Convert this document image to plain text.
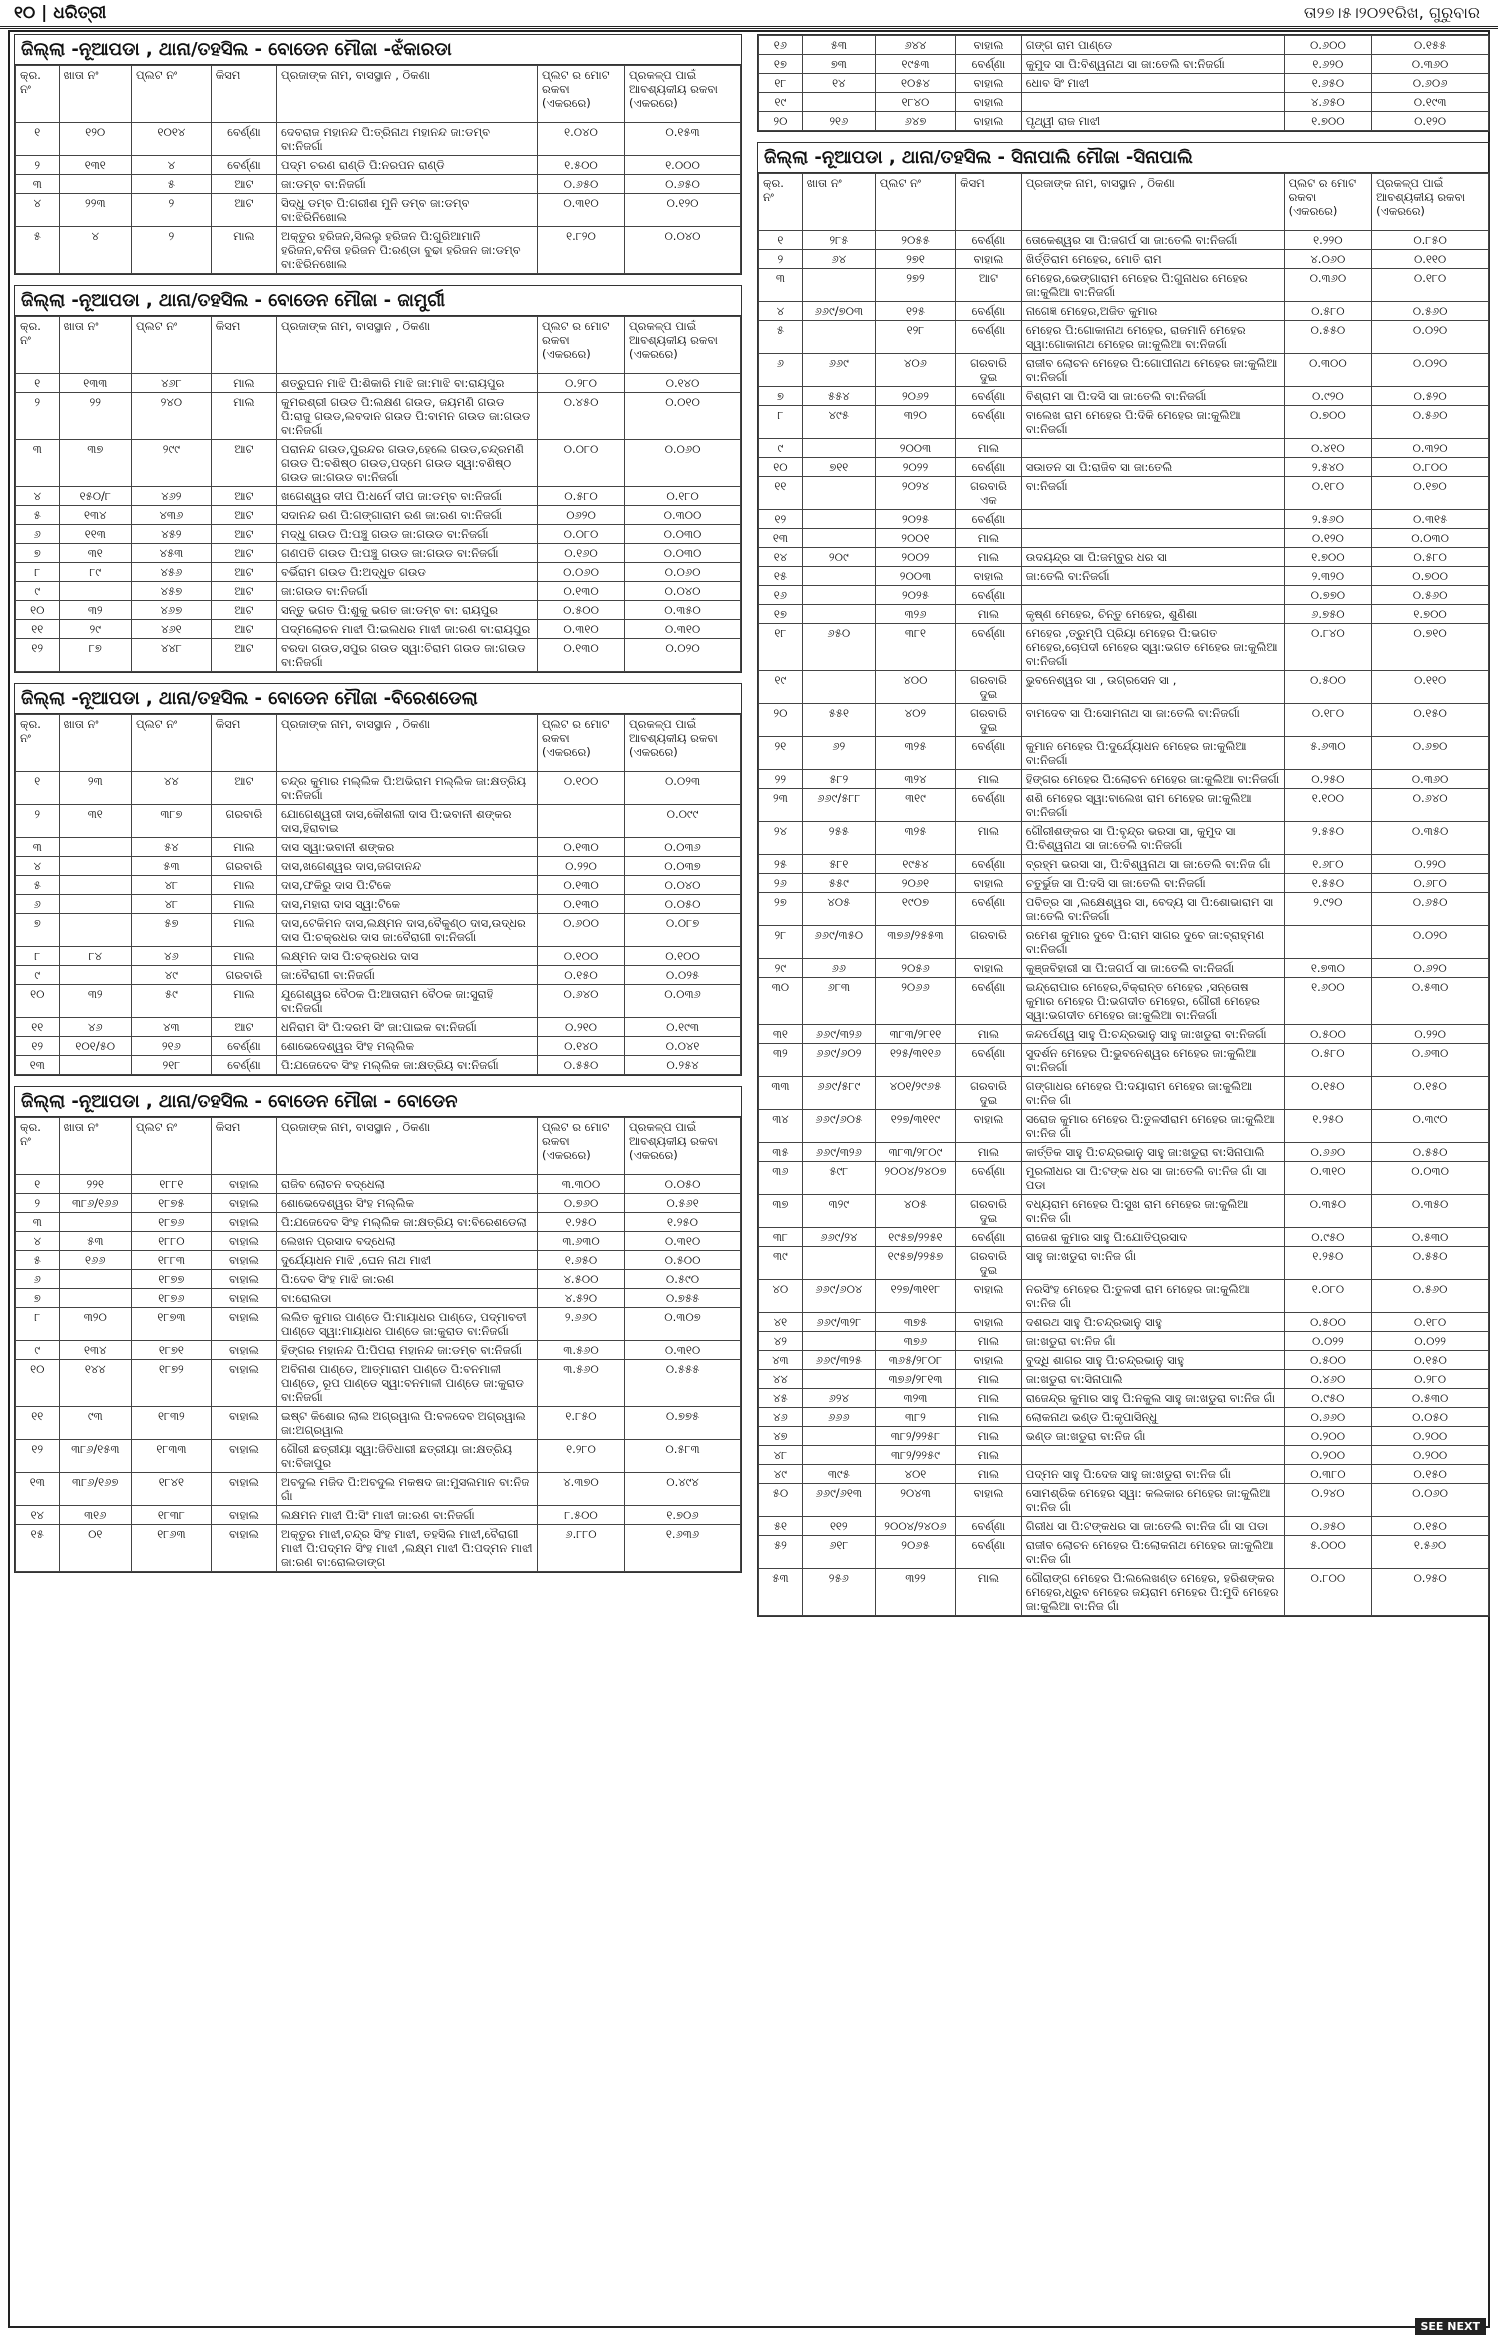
୧୦ | ଧରିତ୍ରୀ	ତା୨୭।୫।୨୦୨୧ରିଖ, ଗୁରୁବାର
ଜିଲ୍ଲା -ନୂଆପଡା , ଥାନା/ତହସିଲ - ବୋଡେନ ମୌଜା -ଝଁକାରଡା
କ୍ର. ନଂ	ଖାତା ନଂ	ପ୍ଲଟ ନଂ	କିସମ	ପ୍ରଜାଙ୍କ ନାମ, ବାସସ୍ଥାନ , ଠିକଣା	ପ୍ଲଟ ର ମୋଟ ରକବା (ଏକରରେ)	ପ୍ରକଳ୍ପ ପାଇଁ ଆବଶ୍ୟକୀୟ ରକବା (ଏକରରେ)
୧	୧୨୦	୧୦୧୪	ବେର୍ଣ୍ଣା	ଦେବରାଜ ମହାନନ୍ଦ ପି:ତ୍ରିନାଥ ମହାନନ୍ଦ ଜା:ଡମ୍ବ ବା:ନିଜର୍ଗା	୧.୦୪୦	୦.୧୫୩
୨	୧୩୧	୪	ବେର୍ଣ୍ଣା	ପଦ୍ମ ଚରଣ ରାଣ୍ଡି ପି:ନରପନ ରାଣ୍ଡି	୧.୫୦୦	୧.୦୦୦
୩		୫	ଆଟ	ଜା:ଡମ୍ବ ବା:ନିଜର୍ଗା	୦.୬୫୦	୦.୬୫୦
୪	୨୨୩	୨	ଆଟ	ସିଦ୍ଧୁ ଡମ୍ବ ପି:ଗରୀଶ ମୁନି ଡମ୍ବ ଜା:ଡମ୍ବ ବା:ଝିରିନିଖୋଲ	୦.୩୧୦	୦.୧୨୦
୫	୪	୨	ମାଲ	ଅକ୍ତୁର ହରିଜନ,ସିଲଲୁ ହରିଜନ ପି:ଗୁରିଆମାନି ହରିଜନ,ବନିତା ହରିଜନ ପି:ରଣ୍ଡା ବୁଢା ହରିଜନ ଜା:ଡମ୍ବ ବା:ଝିରିନଖୋଲ	୧.୮୨୦	୦.୦୪୦
ଜିଲ୍ଲା -ନୂଆପଡା , ଥାନା/ତହସିଲ - ବୋଡେନ ମୌଜା - ଜାମୁର୍ଗୀ
କ୍ର. ନଂ	ଖାତା ନଂ	ପ୍ଲଟ ନଂ	କିସମ	ପ୍ରଜାଙ୍କ ନାମ, ବାସସ୍ଥାନ , ଠିକଣା	ପ୍ଲଟ ର ମୋଟ ରକବା (ଏକରରେ)	ପ୍ରକଳ୍ପ ପାଇଁ ଆବଶ୍ୟକୀୟ ରକବା (ଏକରରେ)
୧	୧୩୩	୪୬୮	ମାଲ	ଶତ୍ରୁଘନ ମାଝି ପି:ଶିକାରି ମାଝି ଜା:ମାଝି ବା:ରାୟପୁର	୦.୨୮୦	୦.୧୪୦
୨	୨୨	୨୪୦	ମାଲ	କୁମରଶ୍ରୀ ଗଉଡ ପି:ଲକ୍ଷଣ ଗଉଡ, ଜୟମଣି ଗଉଡ ପି:ରାଜୁ ଗଉଡ,ଲବଦାନ ଗଉଡ ପି:ବାମନ ଗଉଡ ଜା:ଗଉଡ ବା:ନିଜର୍ଗା	୦.୪୫୦	୦.୦୧୦
୩	୩୭	୨୯୯	ଆଟ	ପରାନନ୍ଦ ଗଉଡ,ପୁରନ୍ଦର ଗଉଡ,ହେଲେ ଗଉଡ,ଚନ୍ଦ୍ରମଣି ଗଉଡ ପି:ବଶିଷ୍ଠ ଗଉଡ,ପଦ୍ମେ ଗଉଡ ସ୍ୱା:ବଶିଷ୍ଠ ଗଉଡ ଜା:ଗଉଡ ବା:ନିଜର୍ଗା	୦.୦୮୦	୦.୦୬୦
୪	୧୫୦/୮	୪୬୨	ଆଟ	ଖଗେଶ୍ୱର ଦୀପ ପି:ଧର୍ମେ ଦୀପ ଜା:ଡମ୍ବ ବା:ନିଜର୍ଗା	୦.୫୮୦	୦.୧୮୦
୫	୧୩୪	୪୩୬	ଆଟ	ସଦାନନ୍ଦ ରଣ ପି:ଗଙ୍ଗାରାମ ରଣ ଜା:ରଣ ବା:ନିଜର୍ଗା	୦୬୨୦	୦.୩୦୦
୬	୧୧୩	୪୫୨	ଆଟ	ମଦ୍ଧୁ ଗଉଡ ପି:ପଞ୍ଚୁ ଗଉଡ ଜା:ଗଉଡ ବା:ନିଜର୍ଗା	୦.୦୮୦	୦.୦୩୦
୭	୩୧	୪୫୩	ଆଟ	ଗଣପତି ଗଉଡ ପି:ପଞ୍ଚୁ ଗଉଡ ଜା:ଗଉଡ ବା:ନିଜର୍ଗା	୦.୧୬୦	୦.୦୩୦
୮	୮୯	୪୫୬	ଆଟ	ବର୍ଭିରାମ ଗଉଡ ପି:ଅଦ୍ଧୁତ ଗଉଡ	୦.୦୬୦	୦.୦୬୦
୯		୪୫୭	ଆଟ	ଜା:ଗଉଡ ବା:ନିଜର୍ଗା	୦.୧୩୦	୦.୦୪୦
୧୦	୩୨	୪୬୭	ଆଟ	ସନ୍ତୁ ଭଗତ ପି:ଶୁକୁ ଭଗତ ଜା:ଡମ୍ବ ବା: ରାୟପୁର	୦.୫୦୦	୦.୩୫୦
୧୧	୨୯	୪୬୧	ଆଟ	ପଦ୍ମଲୋଚନ ମାଝୀ ପି:ଇଲଧର ମାଝୀ ଜା:ରଣ ବା:ରାୟପୁର	୦.୩୧୦	୦.୩୧୦
୧୨	୮୭	୪୪୮	ଆଟ	ବରଦା ଗଉଡ,ସପୁର ଗଉଡ ସ୍ୱା:ଚିରାମ ଗଉଡ ଜା:ଗଉଡ ବା:ନିଜର୍ଗା	୦.୧୩୦	୦.୦୨୦
ଜିଲ୍ଲା -ନୂଆପଡା , ଥାନା/ତହସିଲ - ବୋଡେନ ମୌଜା -ବିରେଶଡେଲା
କ୍ର. ନଂ	ଖାତା ନଂ	ପ୍ଲଟ ନଂ	କିସମ	ପ୍ରଜାଙ୍କ ନାମ, ବାସସ୍ଥାନ , ଠିକଣା	ପ୍ଲଟ ର ମୋଟ ରକବା (ଏକରରେ)	ପ୍ରକଳ୍ପ ପାଇଁ ଆବଶ୍ୟକୀୟ ରକବା (ଏକରରେ)
୧	୨୩	୪୪	ଆଟ	ଚନ୍ଦ୍ର କୁମାର ମଲ୍ଲିକ ପି:ଅଭିରାମ ମଲ୍ଲିକ ଜା:କ୍ଷତ୍ରିୟ ବା:ନିଜର୍ଗା	୦.୧୦୦	୦.୦୨୩
୨	୩୧	୩୮୭	ଗରବାରି	ଯୋଗେଶ୍ୱରୀ ଦାସ,କୌଶଲୀ ଦାସ ପି:ଭବାନୀ ଶଙ୍କର ଦାସ,ହିରାବାଇ		୦.୦୯୯
୩		୫୪	ମାଲ	ଦାସ ସ୍ୱା:ଭବାନୀ ଶଙ୍କର	୦.୧୩୦	୦.୦୩୬
୪		୫୩	ଗରବାରି	ଦାସ,ଖଗେଶ୍ୱର ଦାସ,ଜଗଦାନନ୍ଦ	୦.୨୨୦	୦.୦୩୭
୫		୪୮	ମାଲ	ଦାସ,ଫକିରୁ ଦାସ ପି:ଟିକେ	୦.୧୩୦	୦.୦୪୦
୬		୪୮	ମାଲ	ଦାସ,ମହାରା ଦାସ ସ୍ୱା:ଟିକେ	୦.୧୩୦	୦.୦୫୦
୭		୫୭	ମାଲ	ଦାସ,ଟେକିମନ ଦାସ,ଲକ୍ଷ୍ମନ ଦାସ,ବୈକୁଣ୍ଠ ଦାସ,ଉଦ୍ଧର ଦାସ ପି:ଚକ୍ରଧର ଦାସ ଜା:ବୈରାଗୀ ବା:ନିଜର୍ଗା	୦.୬୦୦	୦.୦୮୭
୮	୮୪	୪୬	ମାଲ	ଲକ୍ଷ୍ମନ ଦାସ ପି:ଚକ୍ରଧର ଦାସ	୦.୧୦୦	୦.୧୦୦
୯		୪୯	ଗରବାରି	ଜା:ବୈରାଗୀ ବା:ନିଜର୍ଗା	୦.୧୫୦	୦.୦୨୫
୧୦	୩୨	୫୯	ମାଲ	ଯୁଗେଶ୍ୱର ବୈଠକ ପି:ଆତାରାମ ବୈଠକ ଜା:ସୁରାହି ବା:ନିଜର୍ଗା	୦.୬୪୦	୦.୦୩୬
୧୧	୪୬	୪୩	ଆଟ	ଧନିରାମ ସିଂ ପି:ଦରମ ସିଂ ଜା:ପାଇକ ବା:ନିଜର୍ଗା	୦.୨୧୦	୦.୧୯୩
୧୨	୧୦୧/୫୦	୨୧୬	ବେର୍ଣ୍ଣା	ଶୋଭେଦେଶ୍ୱର ସିଂହ ମଲ୍ଲିକ	୦.୧୪୦	୦.୦୪୧
୧୩		୨୧୮	ବେର୍ଣ୍ଣା	ପି:ଯଜେଦେବ ସିଂହ ମଲ୍ଲିକ ଜା:କ୍ଷତ୍ରିୟ ବା:ନିଜର୍ଗା	୦.୫୫୦	୦.୨୫୪
ଜିଲ୍ଲା -ନୂଆପଡା , ଥାନା/ତହସିଲ - ବୋଡେନ ମୌଜା - ବୋଡେନ
କ୍ର. ନଂ	ଖାତା ନଂ	ପ୍ଲଟ ନଂ	କିସମ	ପ୍ରଜାଙ୍କ ନାମ, ବାସସ୍ଥାନ , ଠିକଣା	ପ୍ଲଟ ର ମୋଟ ରକବା (ଏକରରେ)	ପ୍ରକଳ୍ପ ପାଇଁ ଆବଶ୍ୟକୀୟ ରକବା (ଏକରରେ)
୧	୨୨୧	୧୮୮୧	ବାହାଲ	ରାଜିବ ଲୋଚନ ବଦ୍ଧେଲା	୩.୩୦୦	୦.୦୫୦
୨	୩୮୬/୧୬୬	୧୮୭୫	ବାହାଲ	ଶୋଭେଦେଶ୍ୱର ସିଂହ ମଲ୍ଲିକ	୦.୭୬୦	୦.୫୬୧
୩		୧୮୭୬	ବାହାଲ	ପି:ଯଜେଦେବ ସିଂହ ମଲ୍ଲିକ ଜା:କ୍ଷତ୍ରିୟ ବା:ବିରେଶଡେଲା	୧.୨୫୦	୧.୨୫୦
୪	୫୩	୧୮୮୦	ବାହାଲ	ଲେଖନ ପ୍ରସାଦ ବଦ୍ଧେଲା	୩.୬୩୦	୦.୩୧୦
୫	୧୬୬	୧୮୮୩	ବାହାଲ	ଦୁର୍ଯ୍ୟୋଧନ ମାଝି ,ଘେନ ନାଥ ମାଝୀ	୧.୬୫୦	୦.୫୦୦
୬		୧୮୭୭	ବାହାଲ	ପି:ଦେବ ସିଂହ ମାଝି ଜା:ରଣ	୪.୫୦୦	୦.୫୯୦
୭		୧୮୭୬	ବାହାଲ	ବା:ରୋଲଡା	୪.୫୨୦	୦.୭୫୫
୮	୩୨୦	୧୮୭୩	ବାହାଲ	ଲଲିତ କୁମାର ପାଣ୍ଡେ ପି:ମାୟାଧର ପାଣ୍ଡେ, ପଦ୍ମାବତୀ ପାଣ୍ଡେ ସ୍ୱା:ମାୟାଧର ପାଣ୍ଡେ ଜା:କୁରାଡ ବା:ନିଜର୍ଗା	୨.୬୬୦	୦.୩୦୭
୯	୧୩୪	୧୮୭୧	ବାହାଲ	ହିଙ୍ଗର ମହାନନ୍ଦ ପି:ପିପରା ମହାନନ୍ଦ ଜା:ଡମ୍ବ ବା:ନିଜର୍ଗା	୩.୫୬୦	୦.୩୧୦
୧୦	୧୪୪	୧୮୭୨	ବାହାଲ	ଅବିନାଶ ପାଣ୍ଡେ, ଆତ୍ମାରାମ ପାଣ୍ଡେ ପି:ବନମାଳୀ ପାଣ୍ଡେ, ରୂପ ପାଣ୍ଡେ ସ୍ୱା:ବନମାଳୀ ପାଣ୍ଡେ ଜା:କୁରାଡ ବା:ନିଜର୍ଗା	୩.୫୬୦	୦.୫୫୫
୧୧	୯୩	୧୮୩୨	ବାହାଲ	ଇଷ୍ଟ କିଶୋର ଲାଲ ଅଗ୍ରୱାଲ ପି:ବଳଦେବ ଅଗ୍ରୱାଲ ଜା:ଅଗ୍ରୱାଲ	୧.୮୫୦	୦.୭୭୫
୧୨	୩୮୬/୧୫୩	୧୮୩୩	ବାହାଲ	ଗୌରୀ ଛତ୍ରୀୟା ସ୍ୱା:ଜିତିଧାରୀ ଛତ୍ରୀୟା ଜା:କ୍ଷତ୍ରିୟ ବା:ବିଜାପୁର	୧.୨୮୦	୦.୫୮୩
୧୩	୩୮୬/୧୬୭	୧୮୪୧	ବାହାଲ	ଅବଦୁଲ ମଜିଦ ପି:ଅବଦୁଲ ମକଷଦ ଜା:ମୁସଲମାନ ବା:ନିଜ ଗାଁ	୪.୩୭୦	୦.୪୯୪
୧୪	୩୧୬	୧୮୩୮	ବାହାଲ	ଲକ୍ଷମନ ମାଝୀ ପି:ସିଂ ମାଝୀ ଜା:ରଣ ବା:ନିଜର୍ଗା	୮.୫୦୦	୧.୭୦୬
୧୫	୦୧	୧୮୬୩	ବାହାଲ	ଅକ୍ତୁର ମାଝୀ,ଚନ୍ଦ୍ର ସିଂହ ମାଝୀ, ତହସିଲ ମାଝୀ,ବୈରାଗୀ ମାଝୀ ପି:ପଦ୍ମନ ସିଂହ ମାଝୀ ,ଲକ୍ଷ୍ମ ମାଝୀ ପି:ପଦ୍ମନ ମାଝୀ ଜା:ରଣ ବା:ରୋଲଡାଙ୍ଗ	୬.୮୮୦	୧.୬୩୬
୧୬	୫୩	୬୪୪	ବାହାଲ	ଗଙ୍ଗ ରାମ ପାଣ୍ଡେ	୦.୬୦୦	୦.୧୫୫
୧୭	୭୩	୧୯୫୩	ବେର୍ଣ୍ଣା	କୁମୁଦ ସା ପି:ବିଶ୍ୱନାଥ ସା ଜା:ତେଲି ବା:ନିଜର୍ଗା	୧.୬୨୦	୦.୩୬୦
୧୮	୧୪	୧୦୫୪	ବାହାଲ	ଧୋବ ସିଂ ମାଝୀ	୧.୬୫୦	୦.୬୦୬
୧୯		୧୮୪୦	ବାହାଲ		୪.୬୫୦	୦.୧୯୩
୨୦	୨୧୬	୬୪୭	ବାହାଲ	ପୃଥ୍ୱୀ ରାଜ ମାଝୀ	୧.୭୦୦	୦.୧୨୦
ଜିଲ୍ଲା -ନୂଆପଡା , ଥାନା/ତହସିଲ - ସିନାପାଲି ମୌଜା -ସିନାପାଲି
କ୍ର. ନଂ	ଖାତା ନଂ	ପ୍ଲଟ ନଂ	କିସମ	ପ୍ରଜାଙ୍କ ନାମ, ବାସସ୍ଥାନ , ଠିକଣା	ପ୍ଲଟ ର ମୋଟ ରକବା (ଏକରରେ)	ପ୍ରକଳ୍ପ ପାଇଁ ଆବଶ୍ୟକୀୟ ରକବା (ଏକରରେ)
୧	୨୮୫	୨୦୫୫	ବେର୍ଣ୍ଣା	ତୋକେଶ୍ୱର ସା ପି:ଜଗର୍ପ ସା ଜା:ତେଲି ବା:ନିଜର୍ଗା	୧.୨୨୦	୦.୮୫୦
୨	୬୪	୨୭୧	ବାହାଲ	ଖିର୍ତ୍ତିରାମ ମେହେର, ମୋତି ରାମ	୪.୦୬୦	୦.୧୧୦
୩		୨୭୨	ଆଟ	ମେହେର,ଭେଙ୍ଗାରାମ ମେହେର ପି:ଗୁନାଧର ମେହେର ଜା:କୁଲିଆ ବା:ନିଜର୍ଗା	୦.୩୬୦	୦.୧୮୦
୪	୬୬୯/୭୦୩	୧୨୫	ବେର୍ଣ୍ଣା	ନାଗେଜ୍ଞ ମେହେର,ଅଜିତ କୁମାର	୦.୫୮୦	୦.୫୬୦
୫		୧୨୮	ବେର୍ଣ୍ଣା	ମେହେର ପି:ଗୋକାନାଥ ମେହେର, ରାଜମାନି ମେହେର ସ୍ୱା:ଗୋକାନାଥ ମେହେର ଜା:କୁଲିଆ ବା:ନିଜର୍ଗା	୦.୫୫୦	୦.୦୨୦
୬	୬୬୯	୪୦୬	ଗରବାରି ଦୁଇ	ରାଜୀବ ଲୋଚନ ମେହେର ପି:ଗୋପୀନାଥ ମେହେର ଜା:କୁଲିଆ ବା:ନିଜର୍ଗା	୦.୩୦୦	୦.୦୨୦
୭	୫୫୪	୨୦୬୨	ବେର୍ଣ୍ଣା	ବିଶ୍ରାମ ସା ପି:ଦସି ସା ଜା:ତେଲି ବା:ନିଜର୍ଗା	୦.୯୨୦	୦.୫୨୦
୮	୪୯୫	୩୨୦	ବେର୍ଣ୍ଣା	ବାଲେଖ ରାମ ମେହେର ପି:ଦିକି ମେହେର ଜା:କୁଲିଆ ବା:ନିଜର୍ଗା	୦.୭୦୦	୦.୫୬୦
୯		୨୦୦୩	ମାଲ		୦.୪୧୦	୦.୩୨୦
୧୦	୭୧୧	୨୦୨୨	ବେର୍ଣ୍ଣା	ସଉାତନ ସା ପି:ରାଜିବ ସା ଜା:ତେଲି	୨.୫୪୦	୦.୮୦୦
୧୧		୨୦୨୪	ଗରବାରି ଏକ	ବା:ନିଜର୍ଗା	୦.୧୮୦	୦.୧୭୦
୧୨		୨୦୨୫	ବେର୍ଣ୍ଣା		୨.୫୬୦	୦.୩୧୫
୧୩		୨୦୦୧	ମାଲ		୦.୧୨୦	୦.୦୩୦
୧୪	୨୦୯	୨୦୦୨	ମାଲ	ଉଦୟନ୍ଦ୍ର ସା ପି:ଜମ୍ବୁର ଧର ସା	୧.୭୦୦	୦.୫୮୦
୧୫		୨୦୦୩	ବାହାଲ	ଜା:ତେଲି ବା:ନିଜର୍ଗା	୨.୩୨୦	୦.୭୦୦
୧୬		୨୦୨୫	ବେର୍ଣ୍ଣା		୦.୭୭୦	୦.୫୬୦
୧୭		୩୨୬	ମାଲ	କୃଷ୍ଣ ମେହେର, ଚିନ୍ତୁ ମେହେର, ଶୁଣିଶା	୬.୭୫୦	୧.୭୦୦
୧୮	୬୫୦	୩୮୧	ବେର୍ଣ୍ଣା	ମେହେର ,ତ୍ରୁମ୍ପି ପ୍ରିୟା ମେହେର ପି:ଭଗତ ମେହେର,ଚୋପଦୀ ମେହେର ସ୍ୱା:ଭଗତ ମେହେର ଜା:କୁଲିଆ ବା:ନିଜର୍ଗା	୦.୮୪୦	୦.୭୧୦
୧୯		୪୦୦	ଗରବାରି ଦୁଇ	ଭୁବନେଶ୍ୱର ସା , ଉଗ୍ରସେନ ସା ,	୦.୫୦୦	୦.୧୧୦
୨୦	୫୫୧	୪୦୨	ଗରବାରି ଦୁଇ	ବାମଦେବ ସା ପି:ସୋମନାଥ ସା ଜା:ତେଲି ବା:ନିଜର୍ଗା	୦.୧୮୦	୦.୧୫୦
୨୧	୬୨	୩୨୫	ବେର୍ଣ୍ଣା	କୁମାନ ମେହେର ପି:ଦୁର୍ଯ୍ୟୋଧନ ମେହେର ଜା:କୁଲିଆ ବା:ନିଜର୍ଗା	୫.୬୩୦	୦.୬୭୦
୨୨	୫୮୨	୩୨୪	ମାଲ	ହିଙ୍ଗର ମେହେର ପି:ଲୋଚନ ମେହେର ଜା:କୁଲିଆ ବା:ନିଜର୍ଗା	୦.୨୫୦	୦.୩୬୦
୨୩	୬୬୯/୫୮୮	୩୧୯	ବେର୍ଣ୍ଣା	ଶଶି ମେହେର ସ୍ୱା:ବାଲେଖ ରାମ ମେହେର ଜା:କୁଲିଆ ବା:ନିଜର୍ଗା	୧.୧୦୦	୦.୬୪୦
୨୪	୨୫୫	୩୨୫	ମାଲ	ଗୌରୀଶଙ୍କର ସା ପି:ବୃନ୍ଦ୍ର ଭରସା ସା, କୁମୁଦ ସା ପି:ବିଶ୍ୱନାଥ ସା ଜା:ତେଲି ବା:ନିଜର୍ଗା	୨.୫୫୦	୦.୩୫୦
୨୫	୫୮୧	୧୯୫୪	ବେର୍ଣ୍ଣା	ବ୍ରହ୍ମ ଭରସା ସା, ପି:ବିଶ୍ୱନାଥ ସା ଜା:ତେଲି ବା:ନିଜ ଗାଁ	୧.୬୮୦	୦.୨୨୦
୨୬	୫୫୯	୨୦୬୧	ବାହାଲ	ଚତୁର୍ଭୁଜ ସା ପି:ଦସି ସା ଜା:ତେଲି ବା:ନିଜର୍ଗା	୧.୫୫୦	୦.୬୮୦
୨୭	୪୦୫	୧୯୦୭	ବେର୍ଣ୍ଣା	ପବିତ୍ର ସା ,ଲକ୍ଷେଶ୍ୱର ସା, ବେଦ୍ୟ ସା ପି:ଶୋଭାରାମ ସା ଜା:ତେଲି ବା:ନିଜର୍ଗା	୨.୯୨୦	୦.୬୫୦
୨୮	୬୬୯/୩୫୦	୩୭୬/୨୫୫୩	ଗରବାରି	ରମେଶ କୁମାର ଦୁବେ ପି:ରାମ ସାଗର ଦୁବେ ଜା:ବ୍ରାହ୍ମଣ ବା:ନିଜର୍ଗା		୦.୦୨୦
୨୯	୬୬	୨୦୫୬	ବାହାଲ	କୁଞ୍ଜବିହାରୀ ସା ପି:ଜଗର୍ପ ସା ଜା:ତେଲି ବା:ନିଜର୍ଗା	୧.୭୩୦	୦.୬୨୦
୩୦	୬୮୩	୨୦୬୬	ବେର୍ଣ୍ଣା	ଇନ୍ଦ୍ରୋପାର ମେହେର,ବିକ୍ରାନ୍ତ ମେହେର ,ସନ୍ତୋଷ କୁମାର ମେହେର ପି:ଭଗଦୀତ ମେହେର, ଗୌରୀ ମେହେର ସ୍ୱା:ଭଗଦୀତ ମେହେର ଜା:କୁଲିଆ ବା:ନିଜର୍ଗା	୧.୬୦୦	୦.୫୩୦
୩୧	୬୬୯/୩୨୬	୩୮୩/୨୮୧୧	ମାଲ	କନ୍ଦର୍ପେଶ୍ୱ ସାହୁ ପି:ଚନ୍ଦ୍ରଭାନୁ ସାହୁ ଜା:ଖଡୁରା ବା:ନିଜର୍ଗା	୦.୫୦୦	୦.୨୨୦
୩୨	୬୬୯/୬୦୨	୧୨୫/୩୧୧୬	ବେର୍ଣ୍ଣା	ସୁଦର୍ଶନ ମେହେର ପି:ଭୁବନେଶ୍ୱର ମେହେର ଜା:କୁଲିଆ ବା:ନିଜର୍ଗା	୦.୫୮୦	୦.୬୩୦
୩୩	୬୬୯/୫୮୯	୪୦୧/୨୯୬୫	ଗରବାରି ଦୁଇ	ଗଙ୍ଗାଧର ମେହେର ପି:ଦୟାରାମ ମେହେର ଜା:କୁଲିଆ ବା:ନିଜ ଗାଁ	୦.୧୫୦	୦.୧୫୦
୩୪	୬୬୯/୬୦୫	୧୨୭/୩୧୧୯	ବାହାଲ	ସରୋଜ କୁମାର ମେହେର ପି:ତୁଳସୀରାମ ମେହେର ଜା:କୁଲିଆ ବା:ନିଜ ଗାଁ	୧.୨୫୦	୦.୩୯୦
୩୫	୬୬୯/୩୨୬	୩୮୩/୨୮୦୯	ମାଲ	କାର୍ତ୍ତିକ ସାହୁ ପି:ଚନ୍ଦ୍ରଭାନୁ ସାହୁ ଜା:ଖଡୁରା ବା:ସିନାପାଲି	୦.୬୬୦	୦.୫୫୦
୩୬	୫୯୮	୨୦୦୪/୨୪୦୭	ବେର୍ଣ୍ଣା	ମୁରଲୀଧର ସା ପି:ଟଙ୍କ ଧର ସା ଜା:ତେଲି ବା:ନିଜ ଗାଁ ସା ପଡା	୦.୩୧୦	୦.୦୩୦
୩୭	୩୨୯	୪୦୫	ଗରବାରି ଦୁଇ	ବଧ୍ୟରାମ ମେହେର ପି:ସୁଖ ରାମ ମେହେର ଜା:କୁଲିଆ ବା:ନିଜ ଗାଁ	୦.୩୫୦	୦.୩୫୦
୩୮	୬୬୯/୨୪	୧୯୫୭/୨୨୫୧	ବେର୍ଣ୍ଣା	ରାଜେଶ କୁମାର ସାହୁ ପି:ଯୋତିପ୍ରସାଦ	୦.୯୫୦	୦.୫୩୦
୩୯		୧୯୫୭/୨୨୫୭	ଗରବାରି ଦୁଇ	ସାହୁ ଜା:ଖଡୁରା ବା:ନିଜ ଗାଁ	୧.୨୫୦	୦.୫୫୦
୪୦	୬୬୯/୬୦୪	୧୨୭/୩୧୧୮	ବାହାଲ	ନରସିଂହ ମେହେର ପି:ତୁଳସୀ ରାମ ମେହେର ଜା:କୁଲିଆ ବା:ନିଜ ଗାଁ	୧.୦୮୦	୦.୫୬୦
୪୧	୬୬୯/୩୨୮	୩୭୫	ବାହାଲ	ଦଶରଥ ସାହୁ ପି:ଚନ୍ଦ୍ରଭାନୁ ସାହୁ	୦.୫୦୦	୦.୧୮୦
୪୨		୩୭୬	ମାଲ	ଜା:ଖଡୁରା ବା:ନିଜ ଗାଁ	୦.୦୨୨	୦.୦୨୨
୪୩	୬୬୯/୩୨୫	୩୬୫/୨୮୦୮	ବାହାଲ	ବୁଦ୍ଧି ଶାଗର ସାହୁ ପି:ଚନ୍ଦ୍ରଭାନୁ ସାହୁ	୦.୫୦୦	୦.୧୫୦
୪୪		୩୭୬/୨୮୧୩	ମାଲ	ଜା:ଖଡୁରା ବା:ସିନାପାଲି	୦.୪୬୦	୦.୨୮୦
୪୫	୬୨୪	୩୨୩	ମାଲ	ରାଜେନ୍ଦ୍ର କୁମାର ସାହୁ ପି:ନକୁଲ ସାହୁ ଜା:ଖଡୁରା ବା:ନିଜ ଗାଁ	୦.୯୫୦	୦.୫୩୦
୪୬	୬୬୬	୩୮୨	ମାଲ	ଲୋକନାଥ ଭଣ୍ଡ ପି:କୃପାସିନ୍ଧୁ	୦.୬୬୦	୦.୦୫୦
୪୭		୩୮୨/୨୨୫୮	ମାଲ	ଭଣ୍ଡ ଜା:ଖଡୁରା ବା:ନିଜ ଗାଁ	୦.୨୦୦	୦.୨୦୦
୪୮		୩୮୨/୨୨୫୯	ମାଲ		୦.୨୦୦	୦.୨୦୦
୪୯	୩୯୫	୪୦୧	ମାଲ	ପଦ୍ମନ ସାହୁ ପି:ଦେଜ ସାହୁ ଜା:ଖଡୁରା ବା:ନିଜ ଗାଁ	୦.୩୮୦	୦.୧୫୦
୫୦	୬୬୯/୬୧୩	୨୦୪୩	ବାହାଲ	ସୋମଶ୍ରିକ ମେହେର ସ୍ୱା: କଲକାର ମେହେର ଜା:କୁଲିଆ ବା:ନିଜ ଗାଁ	୦.୨୪୦	୦.୦୬୦
୫୧	୧୧୨	୨୦୦୪/୨୪୦୬	ବେର୍ଣ୍ଣା	ଗିରୀଧ ସା ପି:ଟଙ୍କଧର ସା ଜା:ତେଲି ବା:ନିଜ ଗାଁ ସା ପଡା	୦.୬୫୦	୦.୧୫୦
୫୨	୬୧୮	୨୦୬୫	ବେର୍ଣ୍ଣା	ରାଜୀବ ଲୋଚନ ମେହେର ପି:ଲୋକନାଥ ମେହେର ଜା:କୁଲିଆ ବା:ନିଜ ଗାଁ	୫.୦୦୦	୧.୫୬୦
୫୩	୨୫୬	୩୨୨	ମାଲ	ଗୌରାଙ୍ଗ ମେହେର ପି:ଲଲେଖଣ୍ଡ ମେହେର, ହରିଶଙ୍କର ମେହେର,ଧ୍ରୁବ ମେହେର ଜୟରାମ ମେହେର ପି:ମୁଦି ମେହେର ଜା:କୁଲିଆ ବା:ନିଜ ଗାଁ	୦.୮୦୦	୦.୨୫୦
SEE NEXT
